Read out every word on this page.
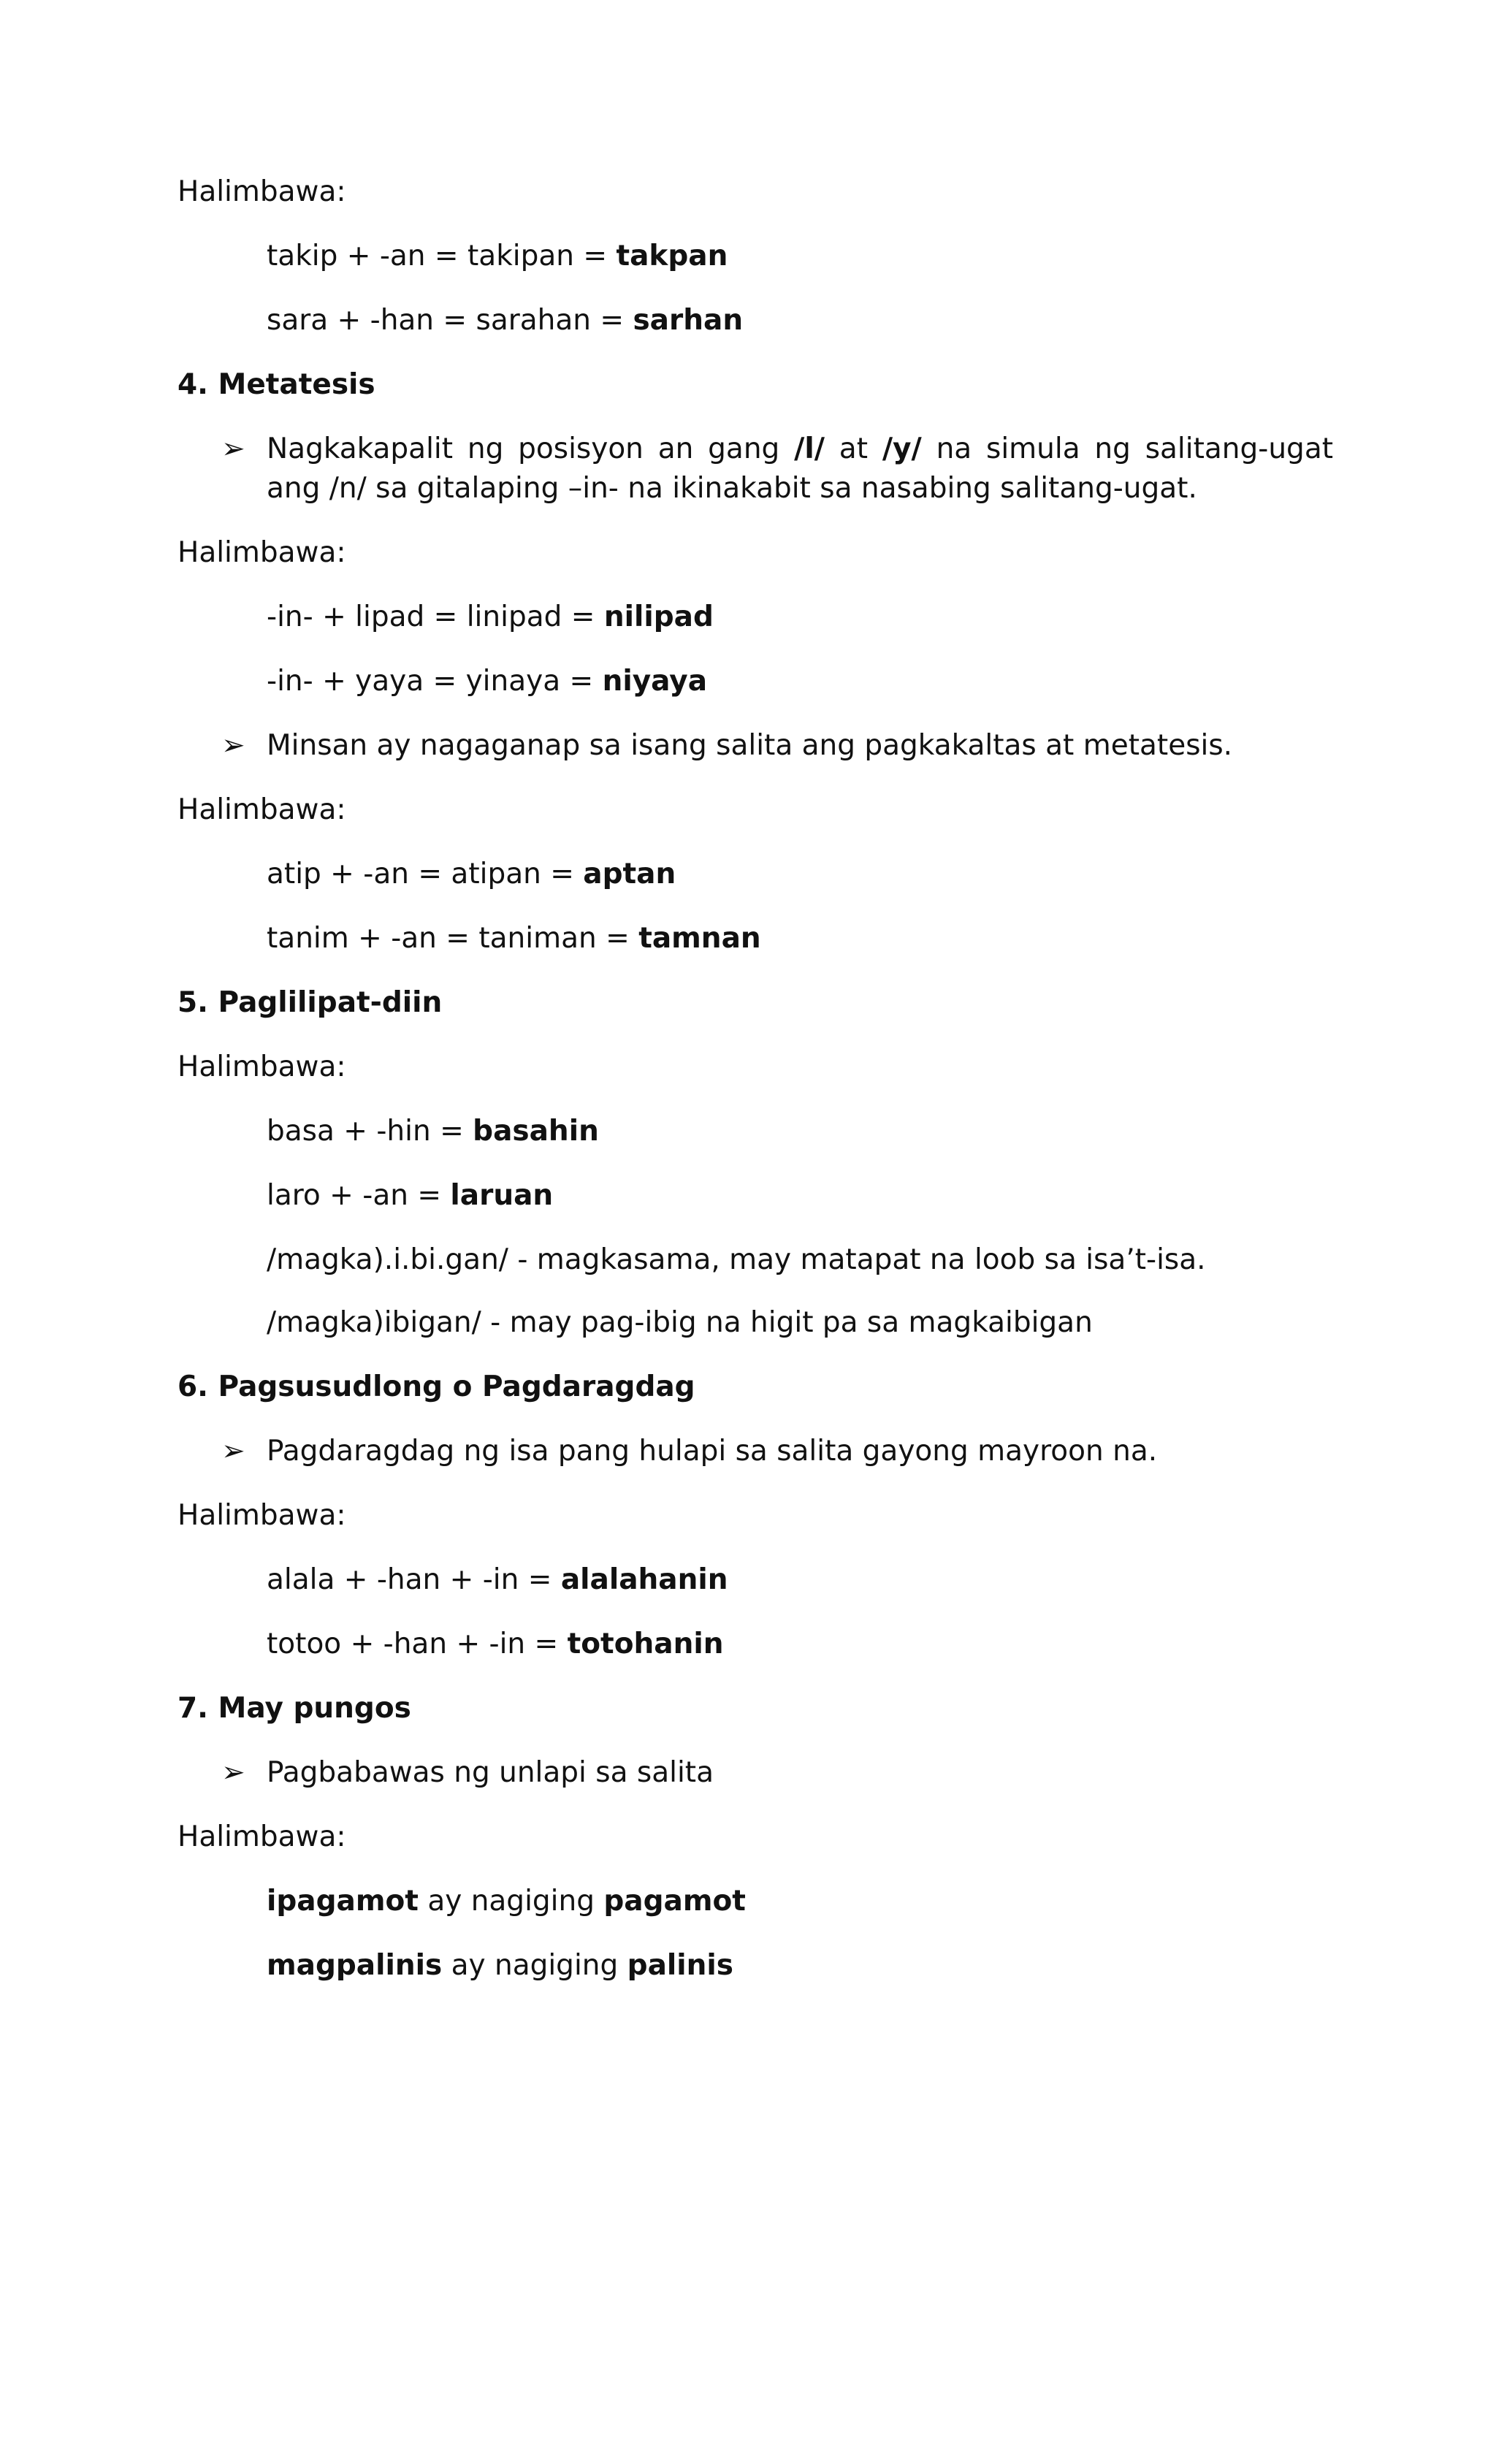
Halimbawa:
takip + -an = takipan = takpan
sara + -han = sarahan = sarhan
4. Metatesis
➢ Nagkakapalit ng posisyon an gang /l/ at /y/ na simula ng salitang-ugat ang /n/ sa gitalaping –in- na ikinakabit sa nasabing salitang-ugat.
Halimbawa:
-in- + lipad = linipad = nilipad
-in- + yaya = yinaya = niyaya
➢ Minsan ay nagaganap sa isang salita ang pagkakaltas at metatesis.
Halimbawa:
atip + -an = atipan = aptan
tanim + -an = taniman = tamnan
5. Paglilipat-diin
Halimbawa:
basa + -hin = basahin
laro + -an = laruan
/magka).i.bi.gan/ - magkasama, may matapat na loob sa isa’t-isa.
/magka)ibigan/ - may pag-ibig na higit pa sa magkaibigan
6. Pagsusudlong o Pagdaragdag
➢ Pagdaragdag ng isa pang hulapi sa salita gayong mayroon na.
Halimbawa:
alala + -han + -in = alalahanin
totoo + -han + -in = totohanin
7. May pungos
➢ Pagbabawas ng unlapi sa salita
Halimbawa:
ipagamot ay nagiging pagamot
magpalinis ay nagiging palinis
